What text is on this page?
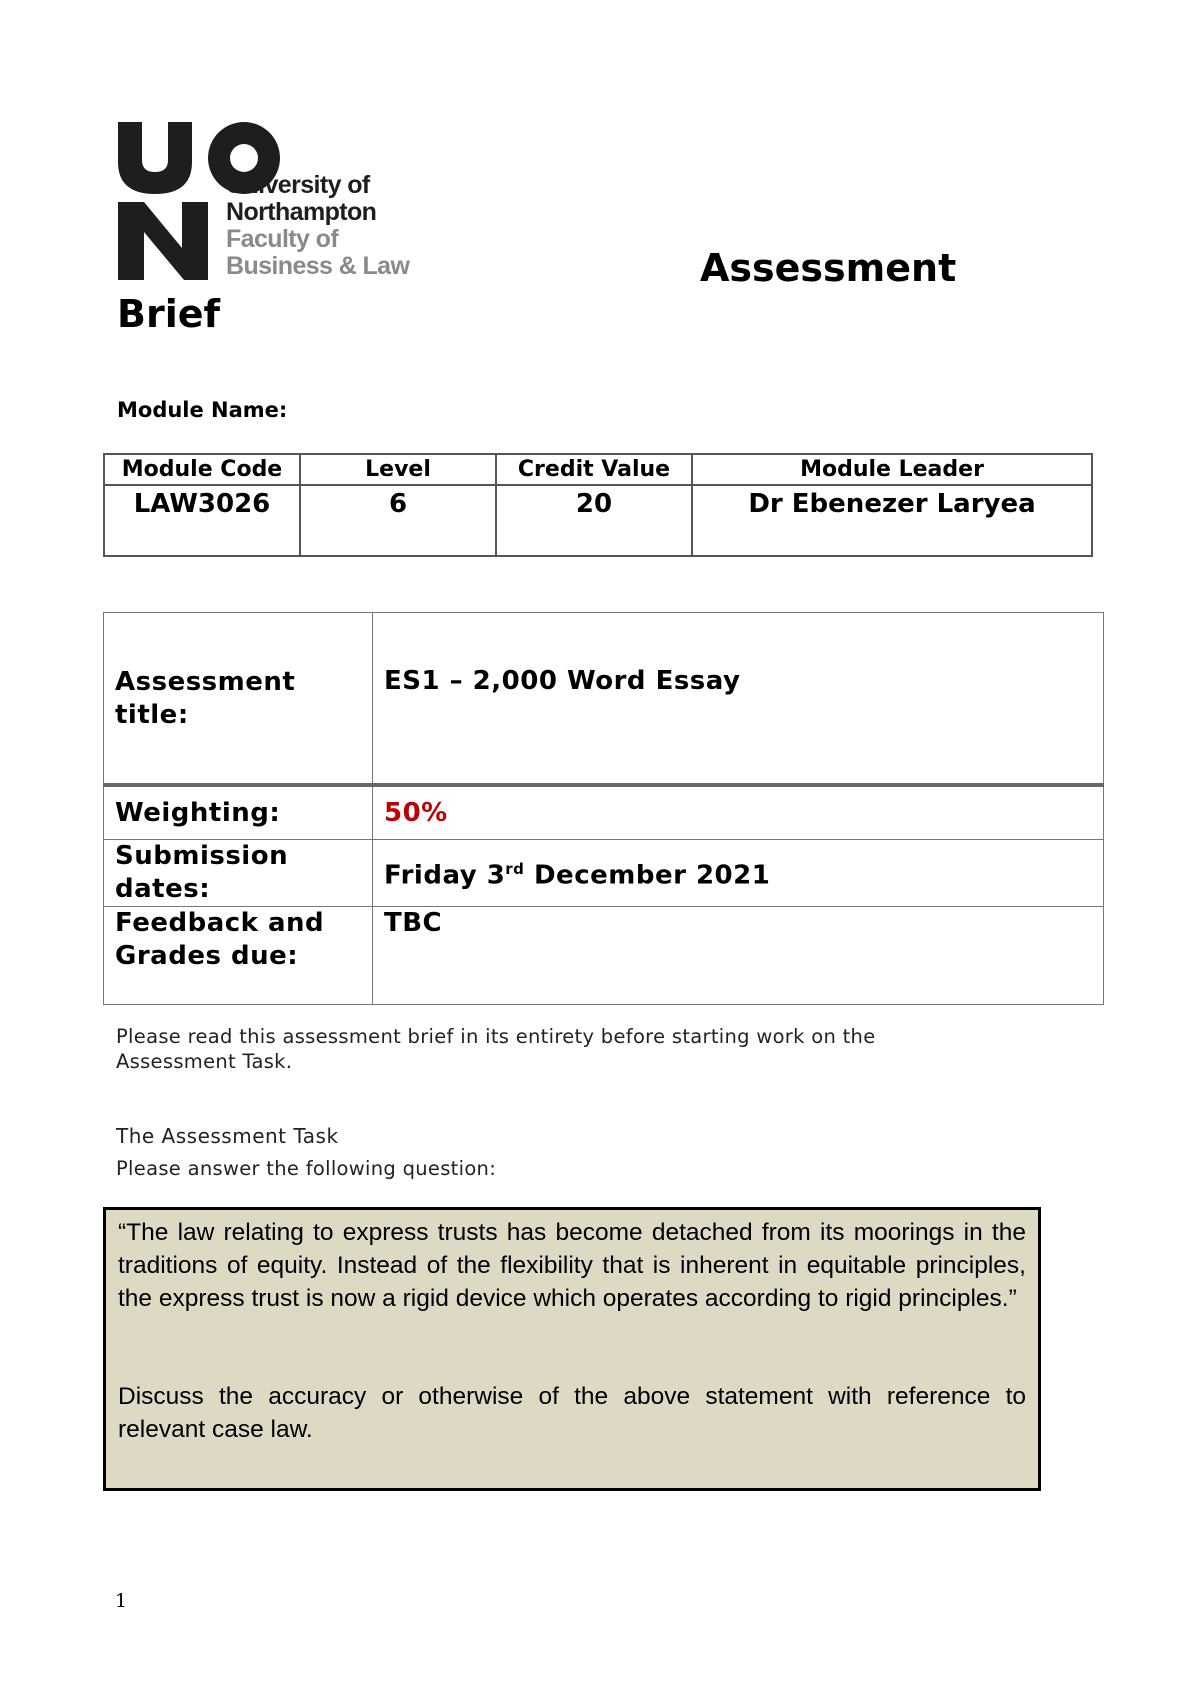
University of
Northampton
Faculty of
Business & Law	Assessment
Brief
Module Name:
Module Code	Level	Credit Value	Module Leader
LAW3026	6	20	Dr Ebenezer Laryea
Assessment title:	ES1 – 2,000 Word Essay
Weighting:	50%
Submission dates:	Friday 3rd December 2021
Feedback and Grades due:	TBC
Please read this assessment brief in its entirety before starting work on the Assessment Task.
The Assessment Task
Please answer the following question:

“The law relating to express trusts has become detached from its moorings in the traditions of equity. Instead of the flexibility that is inherent in equitable principles, the express trust is now a rigid device which operates according to rigid principles.”

Discuss the accuracy or otherwise of the above statement with reference to relevant case law.

1
